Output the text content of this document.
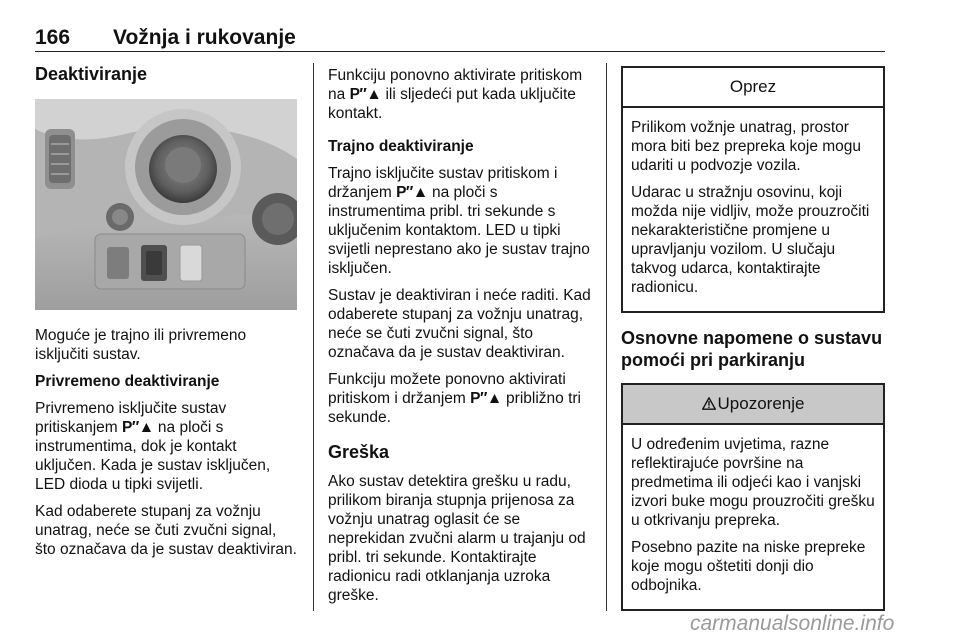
166 Vožnja i rukovanje
Deaktiviranje

Moguće je trajno ili privremeno isključiti sustav.

Privremeno deaktiviranje

Privremeno isključite sustav pritiskanjem P″▲ na ploči s instrumentima, dok je kontakt uključen. Kada je sustav isključen, LED dioda u tipki svijetli.

Kad odaberete stupanj za vožnju unatrag, neće se čuti zvučni signal, što označava da je sustav deaktiviran.

Funkciju ponovno aktivirate pritiskom na P″▲ ili sljedeći put kada uključite kontakt.

Trajno deaktiviranje

Trajno isključite sustav pritiskom i držanjem P″▲ na ploči s instrumentima pribl. tri sekunde s uključenim kontaktom. LED u tipki svijetli neprestano ako je sustav trajno isključen.

Sustav je deaktiviran i neće raditi. Kad odaberete stupanj za vožnju unatrag, neće se čuti zvučni signal, što označava da je sustav deaktiviran.

Funkciju možete ponovno aktivirati pritiskom i držanjem P″▲ približno tri sekunde.

Greška

Ako sustav detektira grešku u radu, prilikom biranja stupnja prijenosa za vožnju unatrag oglasit će se neprekidan zvučni alarm u trajanju od pribl. tri sekunde. Kontaktirajte radionicu radi otklanjanja uzroka greške.

Oprez

Prilikom vožnje unatrag, prostor mora biti bez prepreka koje mogu udariti u podvozje vozila.

Udarac u stražnju osovinu, koji možda nije vidljiv, može prouzročiti nekarakteristične promjene u upravljanju vozilom. U slučaju takvog udarca, kontaktirajte radionicu.

Osnovne napomene o sustavu pomoći pri parkiranju
Upozorenje

U određenim uvjetima, razne reflektirajuće površine na predmetima ili odjeći kao i vanjski izvori buke mogu prouzročiti grešku u otkrivanju prepreka.

Posebno pazite na niske prepreke koje mogu oštetiti donji dio odbojnika.

carmanualsonline.info
